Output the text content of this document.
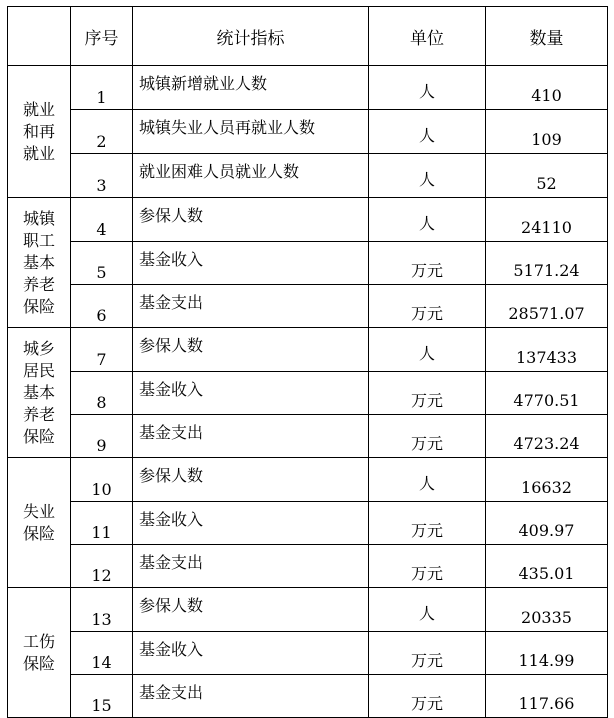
	序号	统计指标	单位	数量

就业
和再
就业	1	城镇新增就业人数	人	410
	2	城镇失业人员再就业人数	人	109
	3	就业困难人员就业人数	人	52

城镇
职工
基本
养老
保险	4	参保人数	人	24110
	5	基金收入	万元	5171.24
	6	基金支出	万元	28571.07

城乡
居民
基本
养老
保险	7	参保人数	人	137433
	8	基金收入	万元	4770.51
	9	基金支出	万元	4723.24

失业
保险	10	参保人数	人	16632
	11	基金收入	万元	409.97
	12	基金支出	万元	435.01

工伤
保险	13	参保人数	人	20335
	14	基金收入	万元	114.99
	15	基金支出	万元	117.66
